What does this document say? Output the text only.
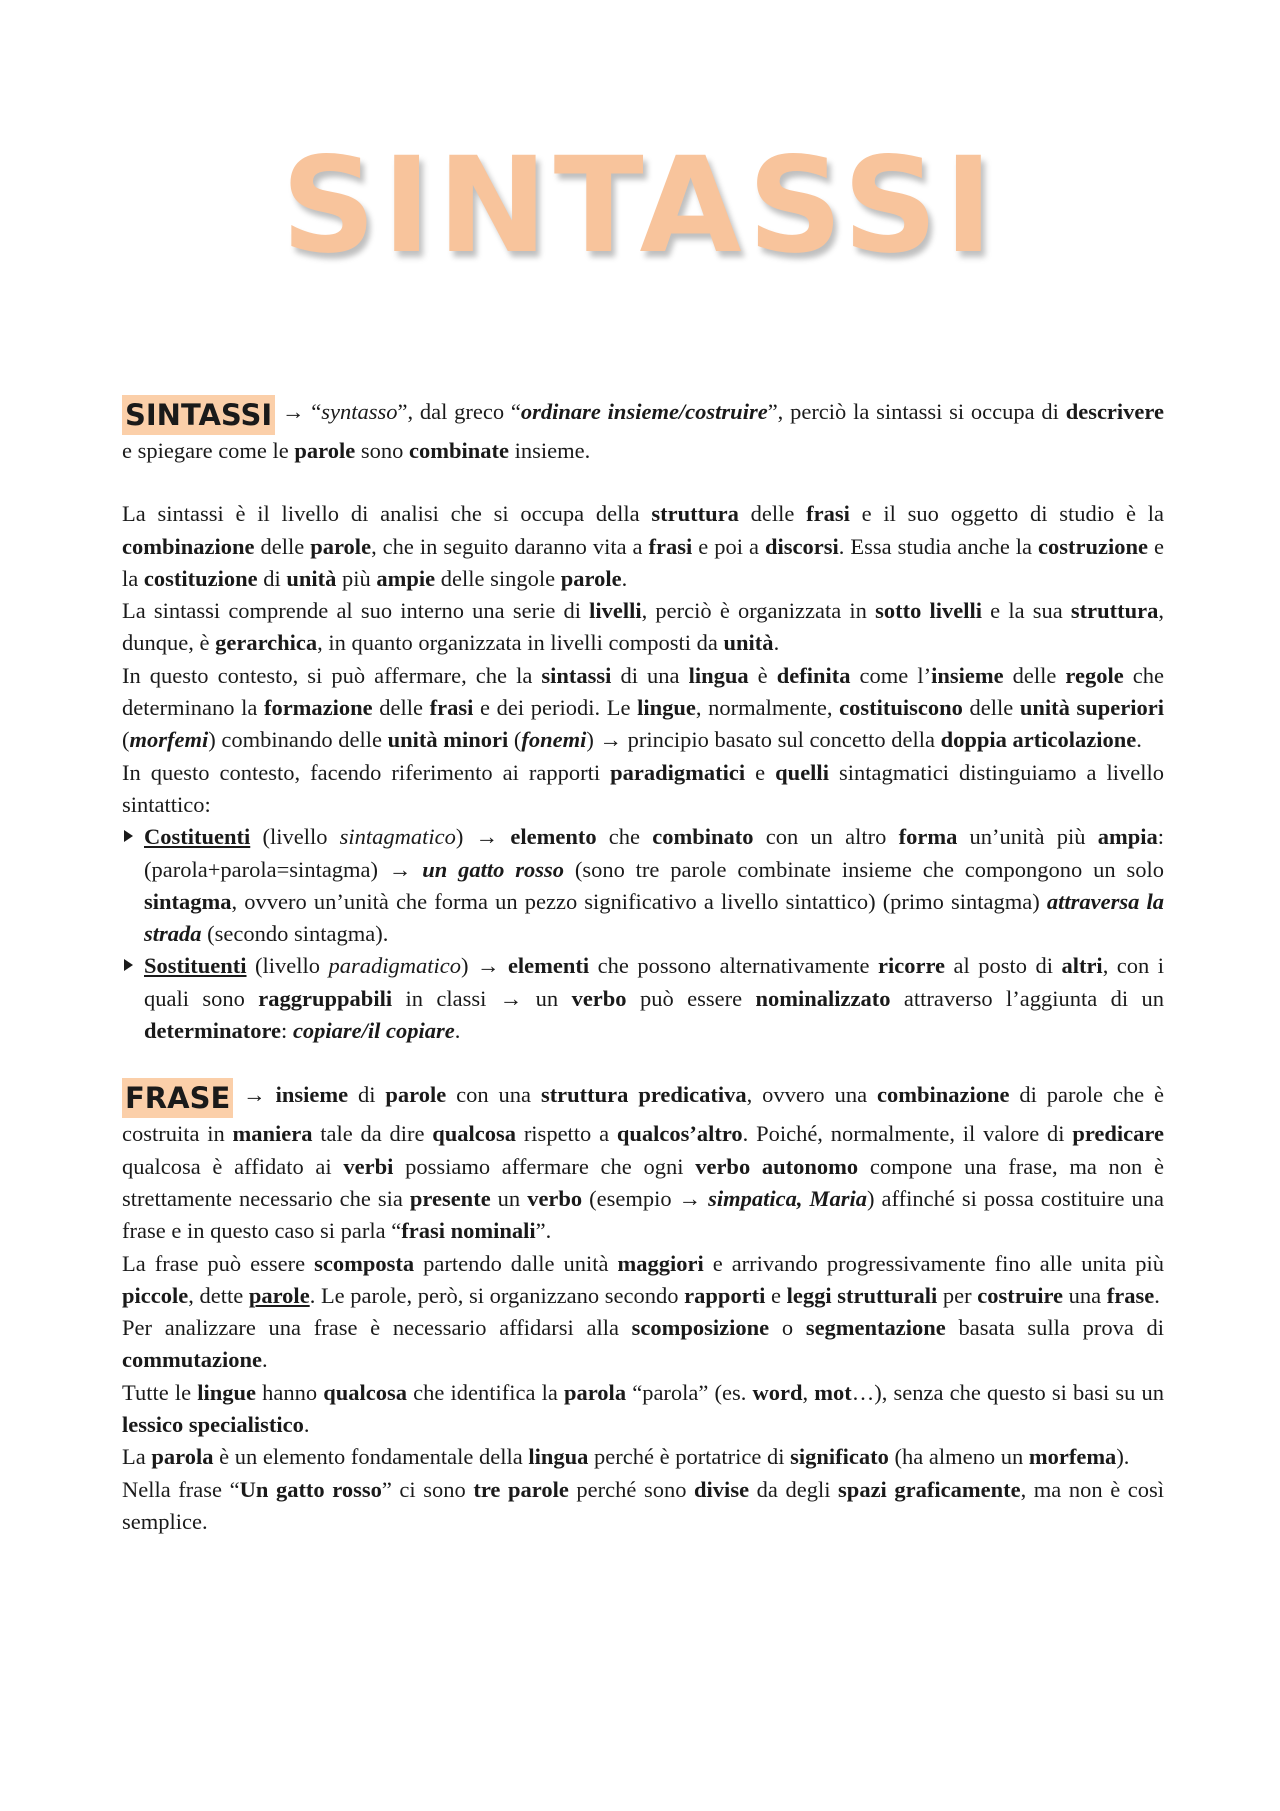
SINTASSI

SINTASSI → “syntasso”, dal greco “ordinare insieme/costruire”, perciò la sintassi si occupa di descrivere e spiegare come le parole sono combinate insieme.

La sintassi è il livello di analisi che si occupa della struttura delle frasi e il suo oggetto di studio è la combinazione delle parole, che in seguito daranno vita a frasi e poi a discorsi. Essa studia anche la costruzione e la costituzione di unità più ampie delle singole parole.

La sintassi comprende al suo interno una serie di livelli, perciò è organizzata in sotto livelli e la sua struttura, dunque, è gerarchica, in quanto organizzata in livelli composti da unità.

In questo contesto, si può affermare, che la sintassi di una lingua è definita come l’insieme delle regole che determinano la formazione delle frasi e dei periodi. Le lingue, normalmente, costituiscono delle unità superiori (morfemi) combinando delle unità minori (fonemi) → principio basato sul concetto della doppia articolazione.

In questo contesto, facendo riferimento ai rapporti paradigmatici e quelli sintagmatici distinguiamo a livello sintattico:

Costituenti (livello sintagmatico) → elemento che combinato con un altro forma un’unità più ampia:(parola+parola=sintagma) → un gatto rosso (sono tre parole combinate insieme che compongono un solo sintagma, ovvero un’unità che forma un pezzo significativo a livello sintattico) (primo sintagma) attraversa la strada (secondo sintagma).
Sostituenti (livello paradigmatico) → elementi che possono alternativamente ricorre al posto di altri, con i quali sono raggruppabili in classi → un verbo può essere nominalizzato attraverso l’aggiunta di un determinatore: copiare/il copiare.

FRASE → insieme di parole con una struttura predicativa, ovvero una combinazione di parole che è costruita in maniera tale da dire qualcosa rispetto a qualcos’altro. Poiché, normalmente, il valore di predicare qualcosa è affidato ai verbi possiamo affermare che ogni verbo autonomo compone una frase, ma non è strettamente necessario che sia presente un verbo (esempio → simpatica, Maria) affinché si possa costituire una frase e in questo caso si parla “frasi nominali”.

La frase può essere scomposta partendo dalle unità maggiori e arrivando progressivamente fino alle unita più piccole, dette parole. Le parole, però, si organizzano secondo rapporti e leggi strutturali per costruire una frase.

Per analizzare una frase è necessario affidarsi alla scomposizione o segmentazione basata sulla prova di commutazione.

Tutte le lingue hanno qualcosa che identifica la parola “parola” (es. word, mot…), senza che questo si basi su un lessico specialistico.

La parola è un elemento fondamentale della lingua perché è portatrice di significato (ha almeno un morfema).

Nella frase “Un gatto rosso” ci sono tre parole perché sono divise da degli spazi graficamente, ma non è così semplice.
